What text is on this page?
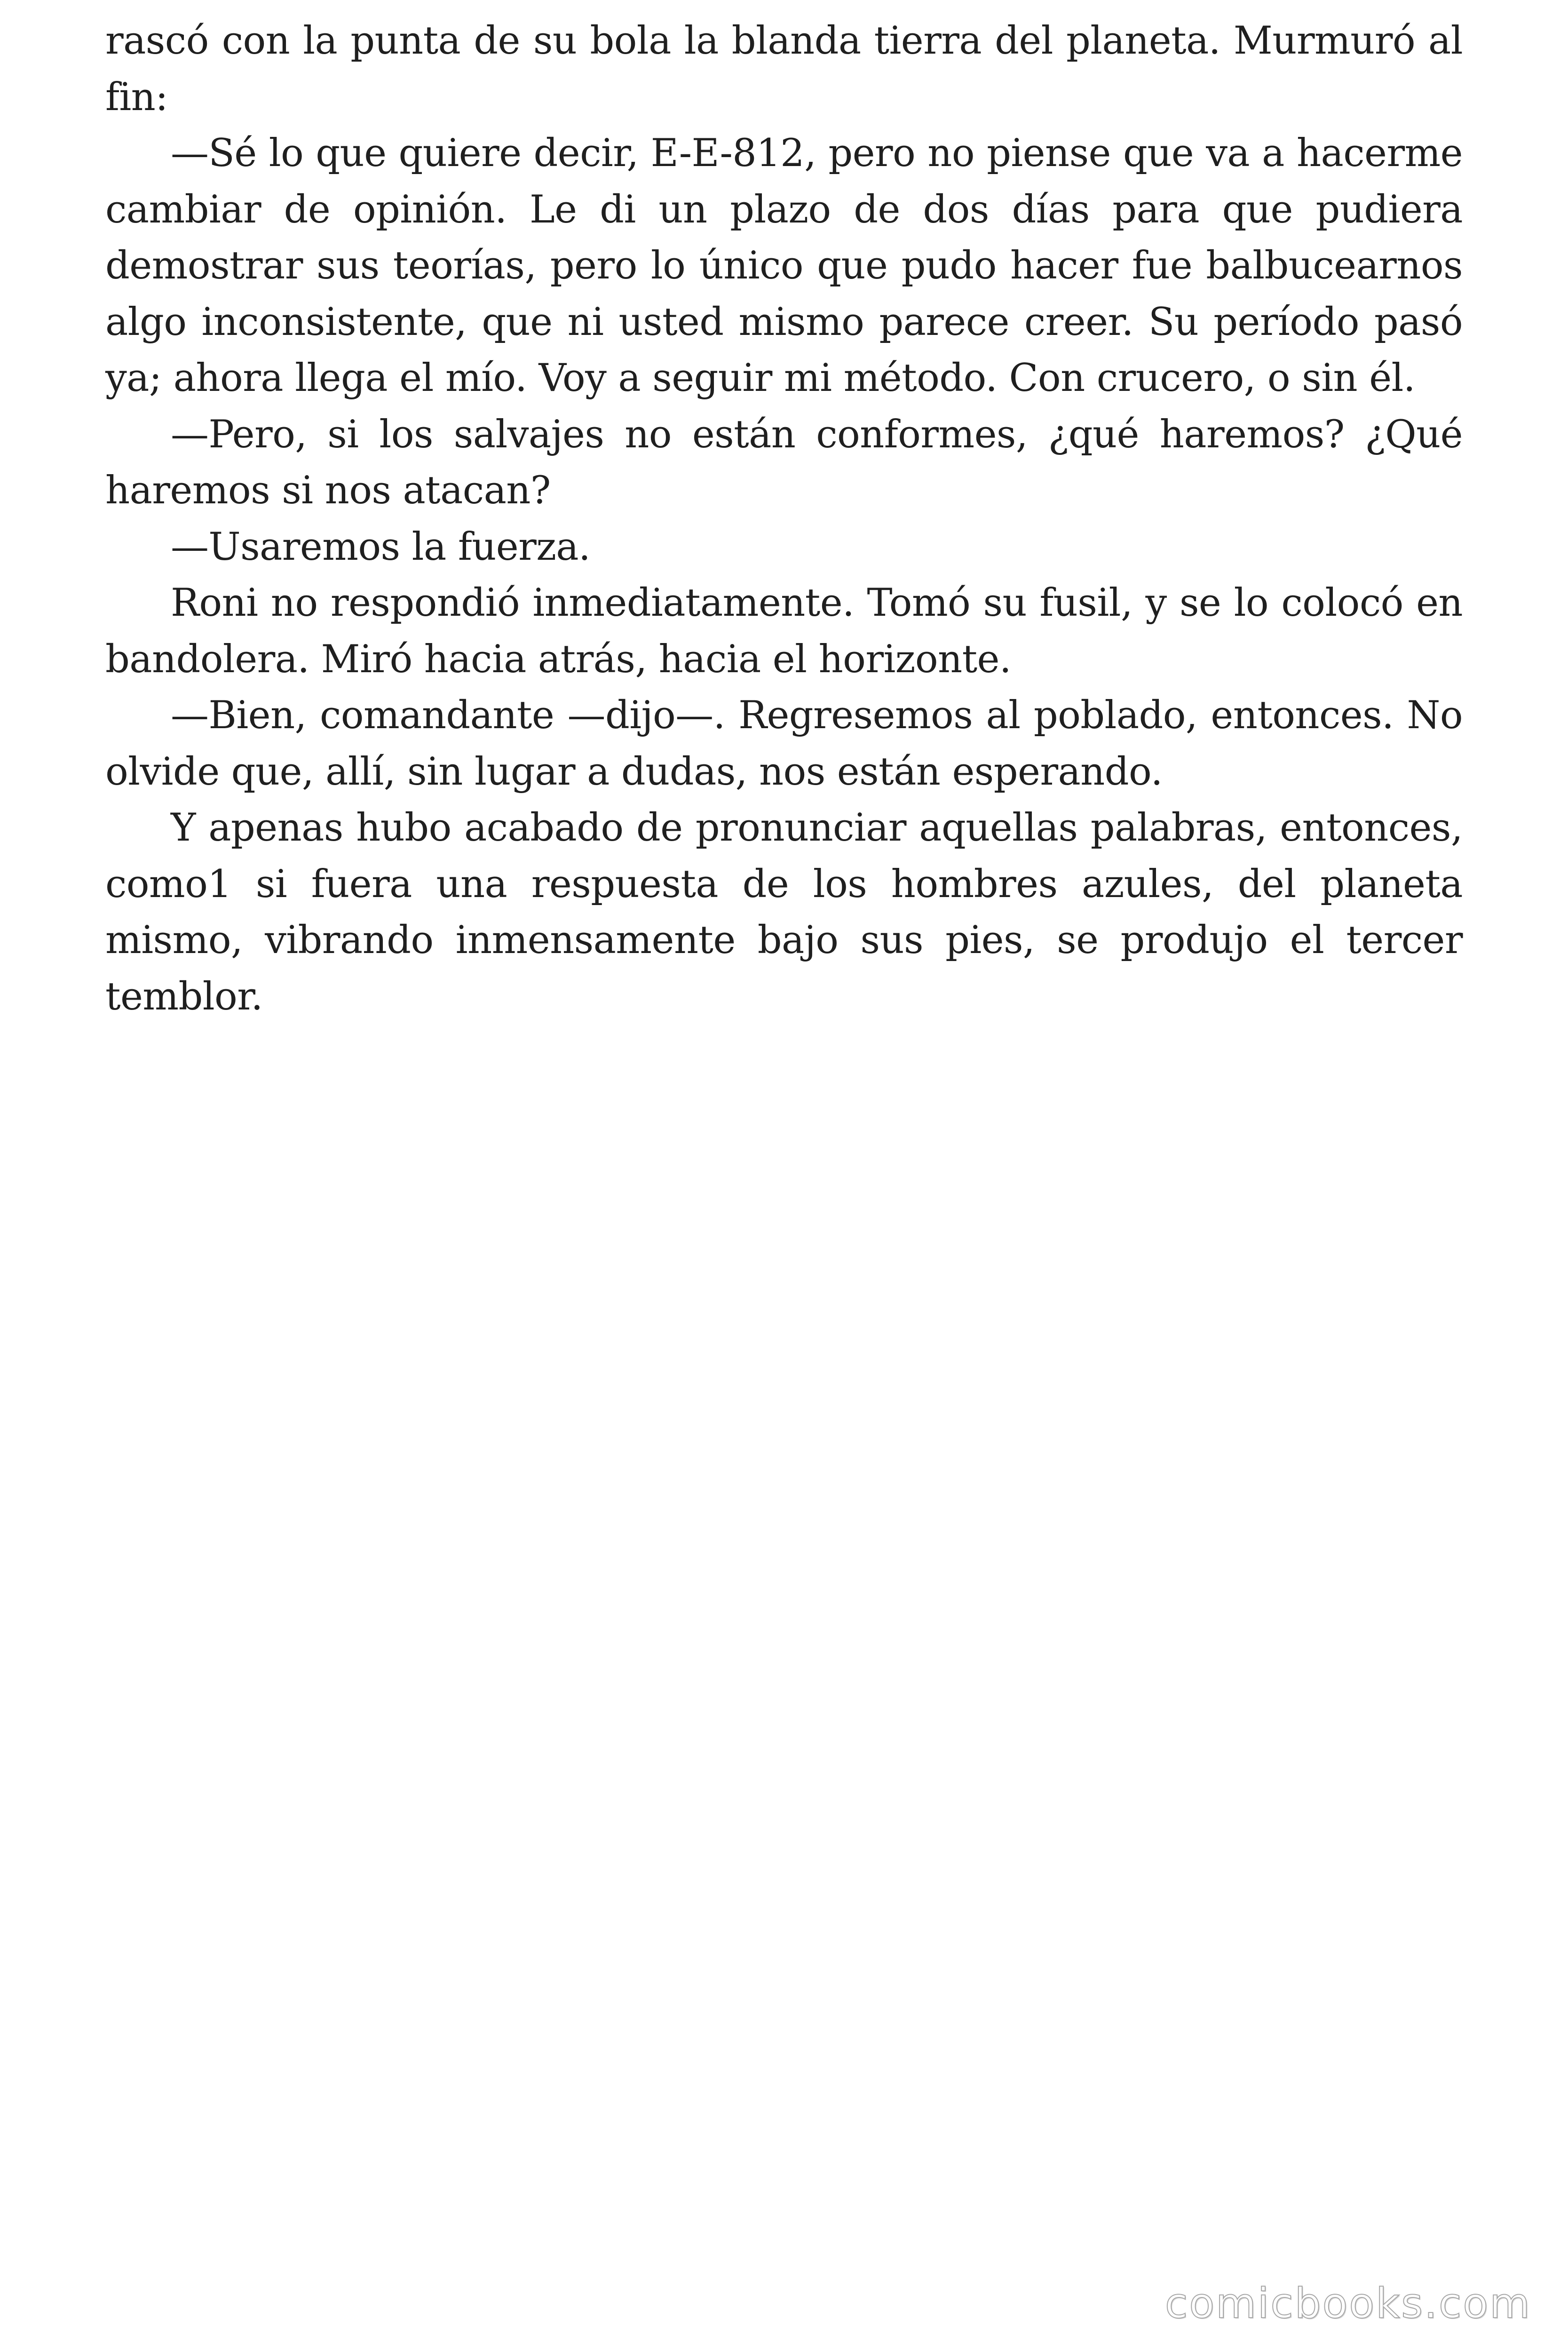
rascó con la punta de su bola la blanda tierra del planeta. Murmuró al fin:

—Sé lo que quiere decir, E-E-812, pero no piense que va a hacerme cambiar de opinión. Le di un plazo de dos días para que pudiera demostrar sus teorías, pero lo único que pudo hacer fue balbucearnos algo inconsistente, que ni usted mismo parece creer. Su período pasó ya; ahora llega el mío. Voy a seguir mi método. Con crucero, o sin él.

—Pero, si los salvajes no están conformes, ¿qué haremos? ¿Qué haremos si nos atacan?

—Usaremos la fuerza.

Roni no respondió inmediatamente. Tomó su fusil, y se lo colocó en bandolera. Miró hacia atrás, hacia el horizonte.

—Bien, comandante —dijo—. Regresemos al poblado, entonces. No olvide que, allí, sin lugar a dudas, nos están esperando.

Y apenas hubo acabado de pronunciar aquellas palabras, entonces, como1 si fuera una respuesta de los hombres azules, del planeta mismo, vibrando inmensamente bajo sus pies, se produjo el tercer temblor.

comicbooks.com
